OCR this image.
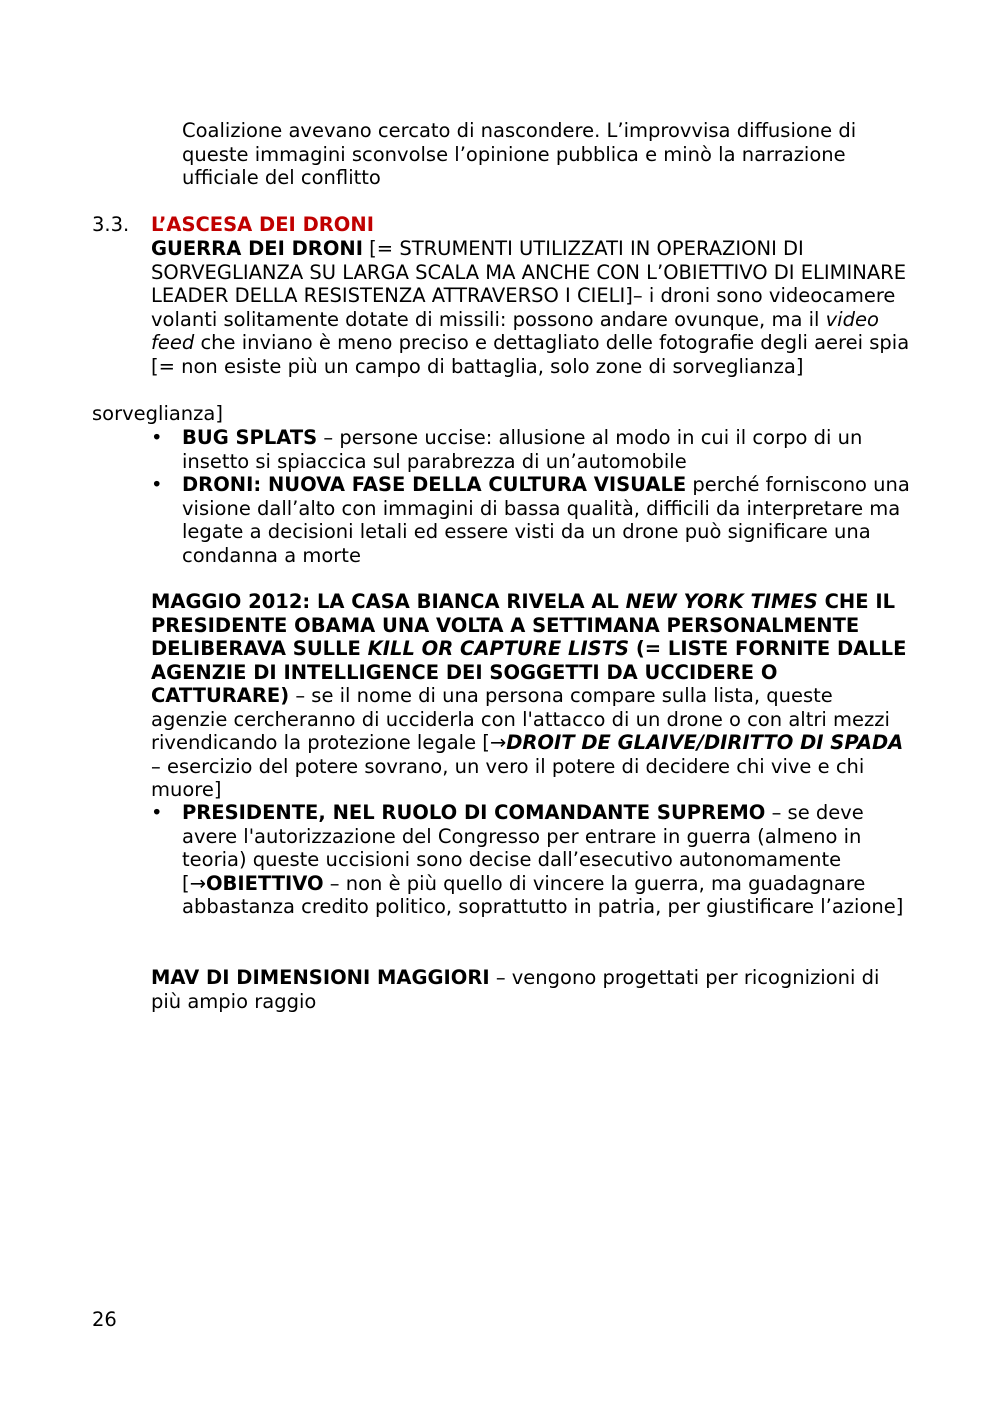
Coalizione avevano cercato di nascondere. L’improvvisa diffusione di queste immagini sconvolse l’opinione pubblica e minò la narrazione ufficiale del conflitto

3.3. L’ASCESA DEI DRONI

GUERRA DEI DRONI [= STRUMENTI UTILIZZATI IN OPERAZIONI DI SORVEGLIANZA SU LARGA SCALA MA ANCHE CON L’OBIETTIVO DI ELIMINARE LEADER DELLA RESISTENZA ATTRAVERSO I CIELI]– i droni sono videocamere volanti solitamente dotate di missili: possono andare ovunque, ma il video feed che inviano è meno preciso e dettagliato delle fotografie degli aerei spia [= non esiste più un campo di battaglia, solo zone di sorveglianza]

sorveglianza]
• BUG SPLATS – persone uccise: allusione al modo in cui il corpo di un insetto si spiaccica sul parabrezza di un’automobile
• DRONI: NUOVA FASE DELLA CULTURA VISUALE perché forniscono una visione dall’alto con immagini di bassa qualità, difficili da interpretare ma legate a decisioni letali ed essere visti da un drone può significare una condanna a morte

MAGGIO 2012: LA CASA BIANCA RIVELA AL NEW YORK TIMES CHE IL PRESIDENTE OBAMA UNA VOLTA A SETTIMANA PERSONALMENTE DELIBERAVA SULLE KILL OR CAPTURE LISTS (= LISTE FORNITE DALLE AGENZIE DI INTELLIGENCE DEI SOGGETTI DA UCCIDERE O CATTURARE) – se il nome di una persona compare sulla lista, queste agenzie cercheranno di ucciderla con l'attacco di un drone o con altri mezzi rivendicando la protezione legale [→DROIT DE GLAIVE/DIRITTO DI SPADA – esercizio del potere sovrano, un vero il potere di decidere chi vive e chi muore]

• PRESIDENTE, NEL RUOLO DI COMANDANTE SUPREMO – se deve avere l'autorizzazione del Congresso per entrare in guerra (almeno in teoria) queste uccisioni sono decise dall’esecutivo autonomamente [→OBIETTIVO – non è più quello di vincere la guerra, ma guadagnare abbastanza credito politico, soprattutto in patria, per giustificare l’azione]

MAV DI DIMENSIONI MAGGIORI – vengono progettati per ricognizioni di più ampio raggio

26
